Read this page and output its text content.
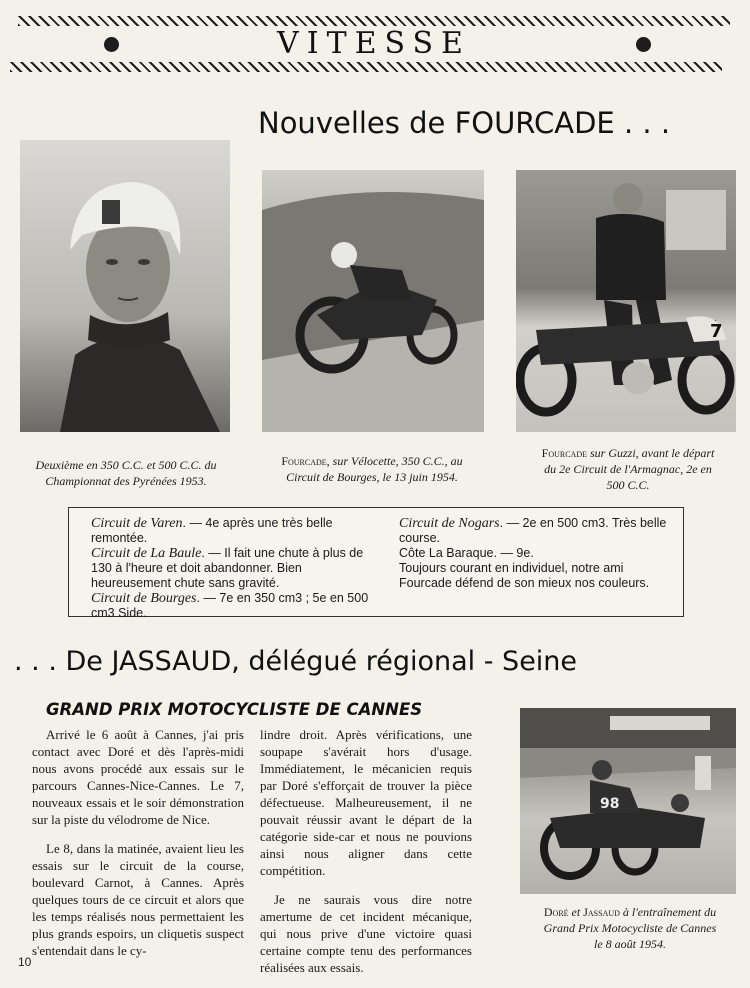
VITESSE
Nouvelles de FOURCADE . . .
7
Deuxième en 350 C.C. et 500 C.C. du
Championnat des Pyrénées 1953.
Fourcade, sur Vélocette, 350 C.C., au
Circuit de Bourges, le 13 juin 1954.
Fourcade sur Guzzi, avant le départ
du 2e Circuit de l'Armagnac, 2e en
500 C.C.

Circuit de Varen. — 4e après une très belle remontée.

Circuit de La Baule. — Il fait une chute à plus de 130 à l'heure et doit abandonner. Bien heureusement chute sans gravité.

Circuit de Bourges. — 7e en 350 cm3 ; 5e en 500 cm3 Side.

Circuit de Nogars. — 2e en 500 cm3. Très belle course.

Côte La Baraque. — 9e.

Toujours courant en individuel, notre ami Fourcade défend de son mieux nos couleurs.

. . . De JASSAUD, délégué régional - Seine
GRAND PRIX MOTOCYCLISTE DE CANNES

Arrivé le 6 août à Cannes, j'ai pris contact avec Doré et dès l'après-midi nous avons procédé aux essais sur le parcours Cannes-Nice-Cannes. Le 7, nouveaux essais et le soir démonstration sur la piste du vélodrome de Nice.

Le 8, dans la matinée, avaient lieu les essais sur le circuit de la course, boulevard Carnot, à Cannes. Après quelques tours de ce circuit et alors que les temps réalisés nous permettaient les plus grands espoirs, un cliquetis suspect s'entendait dans le cy-

lindre droit. Après vérifications, une soupape s'avérait hors d'usage. Immédiatement, le mécanicien requis par Doré s'efforçait de trouver la pièce défectueuse. Malheureusement, il ne pouvait réussir avant le départ de la catégorie side-car et nous ne pouvions ainsi nous aligner dans cette compétition.

Je ne saurais vous dire notre amertume de cet incident mécanique, qui nous prive d'une victoire quasi certaine compte tenu des performances réalisées aux essais.

98
Doré et Jassaud à l'entraînement du
Grand Prix Motocycliste de Cannes
le 8 août 1954.
10
